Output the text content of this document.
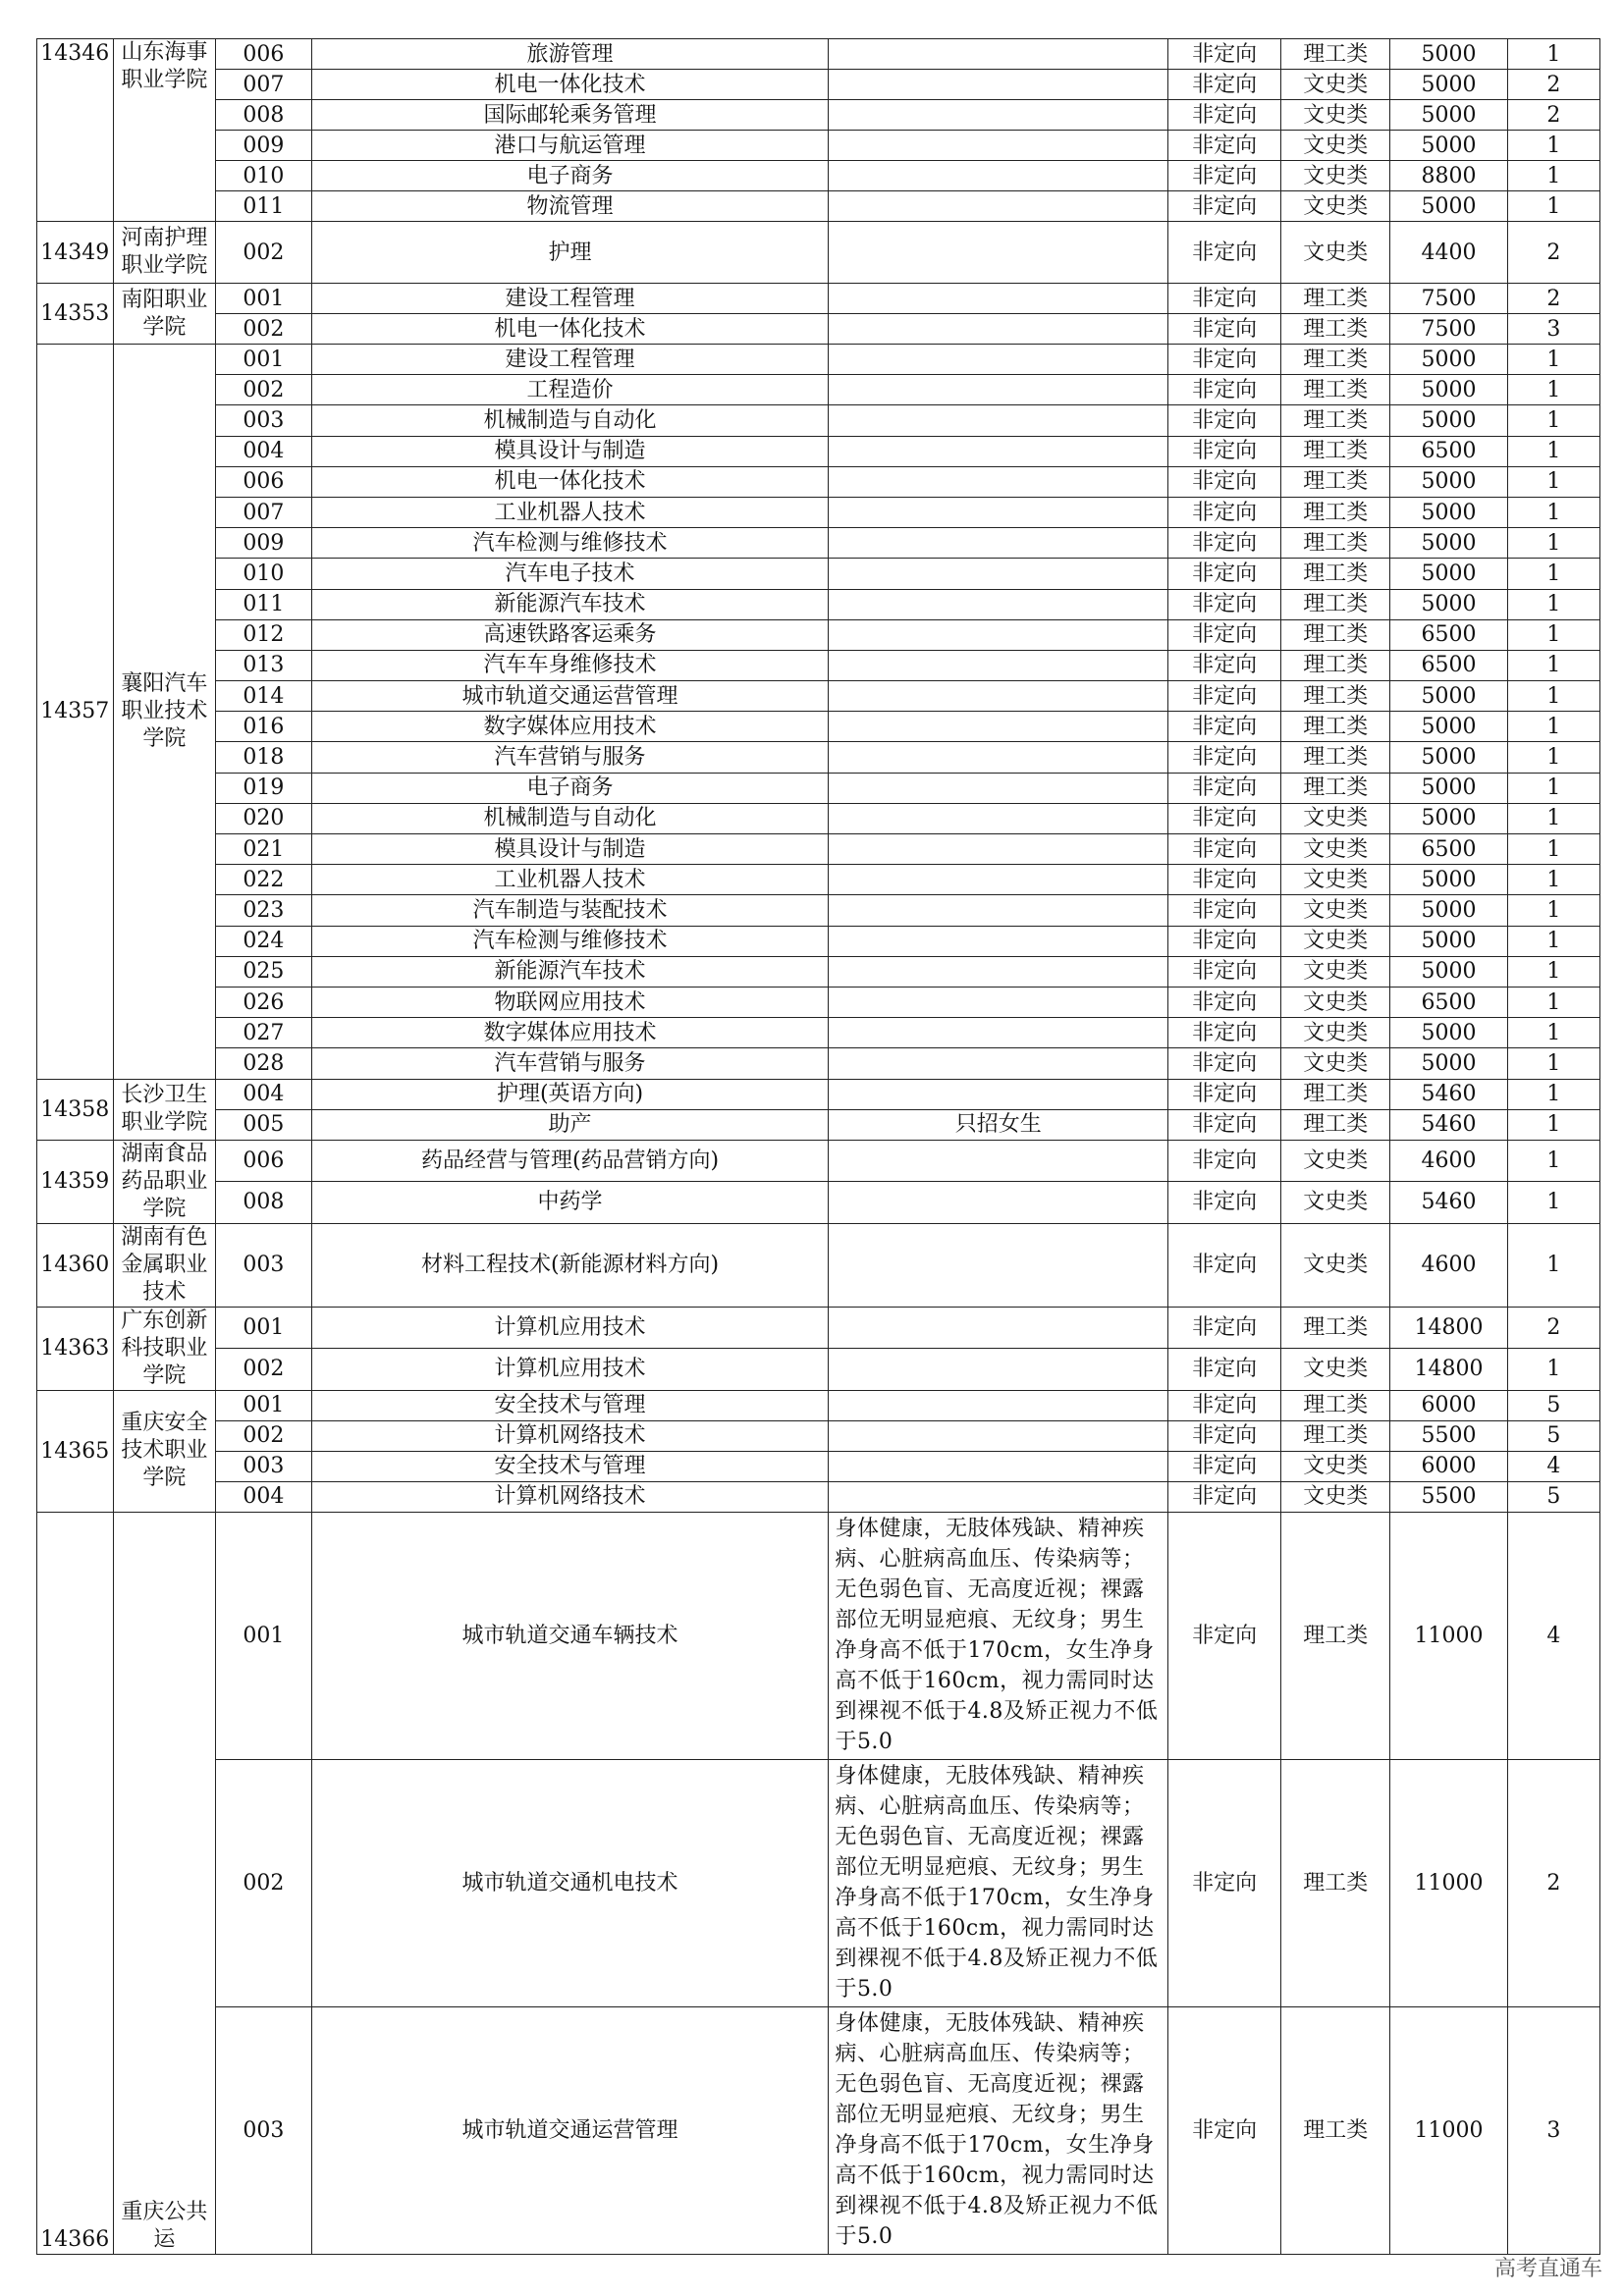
14346	山东海事职业学院	006	旅游管理		非定向	理工类	5000	1
		007	机电一体化技术		非定向	文史类	5000	2
		008	国际邮轮乘务管理		非定向	文史类	5000	2
		009	港口与航运管理		非定向	文史类	5000	1
		010	电子商务		非定向	文史类	8800	1
		011	物流管理		非定向	文史类	5000	1
14349	河南护理职业学院	002	护理		非定向	文史类	4400	2
14353	南阳职业学院	001	建设工程管理		非定向	理工类	7500	2
		002	机电一体化技术		非定向	理工类	7500	3
14357	襄阳汽车职业技术学院	001	建设工程管理		非定向	理工类	5000	1
		002	工程造价		非定向	理工类	5000	1
		003	机械制造与自动化		非定向	理工类	5000	1
		004	模具设计与制造		非定向	理工类	6500	1
		006	机电一体化技术		非定向	理工类	5000	1
		007	工业机器人技术		非定向	理工类	5000	1
		009	汽车检测与维修技术		非定向	理工类	5000	1
		010	汽车电子技术		非定向	理工类	5000	1
		011	新能源汽车技术		非定向	理工类	5000	1
		012	高速铁路客运乘务		非定向	理工类	6500	1
		013	汽车车身维修技术		非定向	理工类	6500	1
		014	城市轨道交通运营管理		非定向	理工类	5000	1
		016	数字媒体应用技术		非定向	理工类	5000	1
		018	汽车营销与服务		非定向	理工类	5000	1
		019	电子商务		非定向	理工类	5000	1
		020	机械制造与自动化		非定向	文史类	5000	1
		021	模具设计与制造		非定向	文史类	6500	1
		022	工业机器人技术		非定向	文史类	5000	1
		023	汽车制造与装配技术		非定向	文史类	5000	1
		024	汽车检测与维修技术		非定向	文史类	5000	1
		025	新能源汽车技术		非定向	文史类	5000	1
		026	物联网应用技术		非定向	文史类	6500	1
		027	数字媒体应用技术		非定向	文史类	5000	1
		028	汽车营销与服务		非定向	文史类	5000	1
14358	长沙卫生职业学院	004	护理(英语方向)		非定向	理工类	5460	1
		005	助产	只招女生	非定向	理工类	5460	1
14359	湖南食品药品职业学院	006	药品经营与管理(药品营销方向)		非定向	文史类	4600	1
		008	中药学		非定向	文史类	5460	1
14360	湖南有色金属职业技术	003	材料工程技术(新能源材料方向)		非定向	文史类	4600	1
14363	广东创新科技职业学院	001	计算机应用技术		非定向	理工类	14800	2
		002	计算机应用技术		非定向	文史类	14800	1
14365	重庆安全技术职业学院	001	安全技术与管理		非定向	理工类	6000	5
		002	计算机网络技术		非定向	理工类	5500	5
		003	安全技术与管理		非定向	文史类	6000	4
		004	计算机网络技术		非定向	文史类	5500	5
14366	重庆公共运	001	城市轨道交通车辆技术	身体健康，无肢体残缺、精神疾病、心脏病高血压、传染病等；无色弱色盲、无高度近视；裸露部位无明显疤痕、无纹身；男生净身高不低于170cm，女生净身高不低于160cm，视力需同时达到裸视不低于4.8及矫正视力不低于5.0	非定向	理工类	11000	4
		002	城市轨道交通机电技术	身体健康，无肢体残缺、精神疾病、心脏病高血压、传染病等；无色弱色盲、无高度近视；裸露部位无明显疤痕、无纹身；男生净身高不低于170cm，女生净身高不低于160cm，视力需同时达到裸视不低于4.8及矫正视力不低于5.0	非定向	理工类	11000	2
		003	城市轨道交通运营管理	身体健康，无肢体残缺、精神疾病、心脏病高血压、传染病等；无色弱色盲、无高度近视；裸露部位无明显疤痕、无纹身；男生净身高不低于170cm，女生净身高不低于160cm，视力需同时达到裸视不低于4.8及矫正视力不低于5.0	非定向	理工类	11000	3
高考直通车
